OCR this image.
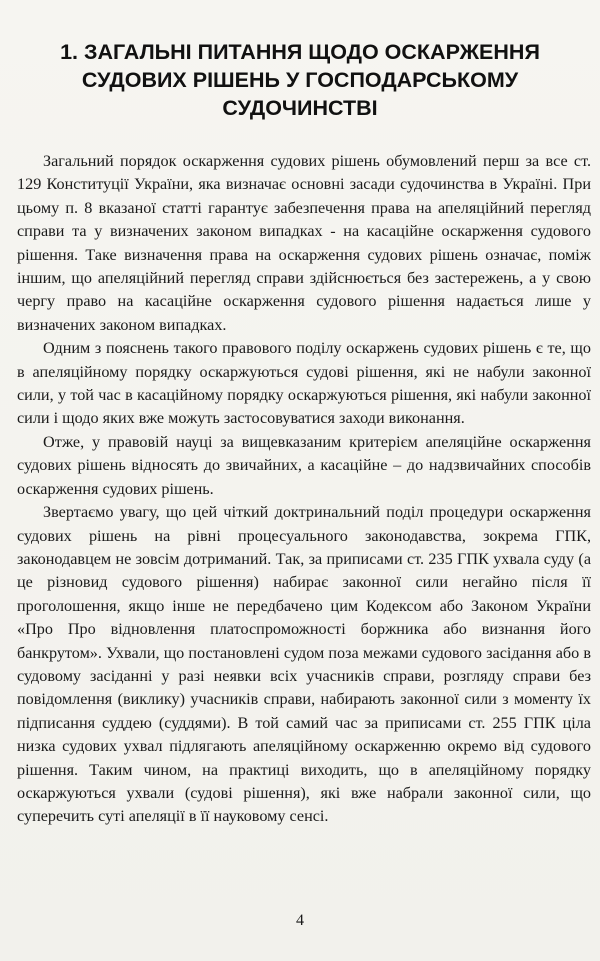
1. ЗАГАЛЬНІ ПИТАННЯ ЩОДО ОСКАРЖЕННЯ
СУДОВИХ РІШЕНЬ У ГОСПОДАРСЬКОМУ
СУДОЧИНСТВІ

Загальний порядок оскарження судових рішень обумовлений перш за все ст. 129 Конституції України, яка визначає основні засади судочинства в Україні. При цьому п. 8 вказаної статті гарантує забезпечення права на апеляційний перегляд справи та у визначених законом випадках - на касаційне оскарження судового рішення. Таке визначення права на оскарження судових рішень означає, поміж іншим, що апеляційний перегляд справи здійснюється без застережень, а у свою чергу право на касаційне оскарження судового рішення надається лише у визначених законом випадках.

Одним з пояснень такого правового поділу оскаржень судових рішень є те, що в апеляційному порядку оскаржуються судові рішення, які не набули законної сили, у той час в касаційному порядку оскаржуються рішення, які набули законної сили і щодо яких вже можуть застосовуватися заходи виконання.

Отже, у правовій науці за вищевказаним критерієм апеляційне оскарження судових рішень відносять до звичайних, а касаційне – до надзвичайних способів оскарження судових рішень.

Звертаємо увагу, що цей чіткий доктринальний поділ процедури оскарження судових рішень на рівні процесуального законодавства, зокрема ГПК, законодавцем не зовсім дотриманий. Так, за приписами ст. 235 ГПК ухвала суду (а це різновид судового рішення) набирає законної сили негайно після її проголошення, якщо інше не передбачено цим Кодексом або Законом України «Про Про відновлення платоспроможності боржника або визнання його банкрутом». Ухвали, що постановлені судом поза межами судового засідання або в судовому засіданні у разі неявки всіх учасників справи, розгляду справи без повідомлення (виклику) учасників справи, набирають законної сили з моменту їх підписання суддею (суддями). В той самий час за приписами ст. 255 ГПК ціла низка судових ухвал підлягають апеляційному оскарженню окремо від судового рішення. Таким чином, на практиці виходить, що в апеляційному порядку оскаржуються ухвали (судові рішення), які вже набрали законної сили, що суперечить суті апеляції в її науковому сенсі.

4
